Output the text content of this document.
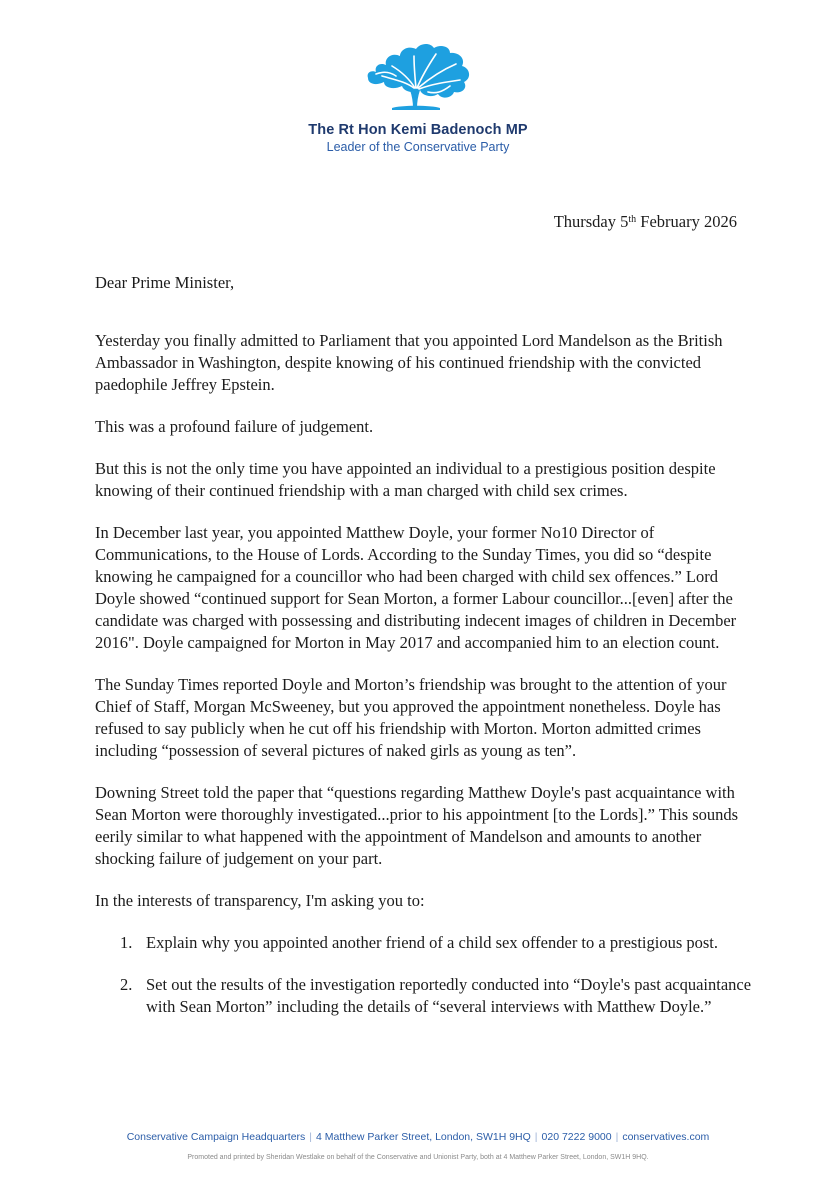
The Rt Hon Kemi Badenoch MP
Leader of the Conservative Party
Thursday 5th February 2026
Dear Prime Minister,

Yesterday you finally admitted to Parliament that you appointed Lord Mandelson as the British Ambassador in Washington, despite knowing of his continued friendship with the convicted paedophile Jeffrey Epstein.

This was a profound failure of judgement.

But this is not the only time you have appointed an individual to a prestigious position despite knowing of their continued friendship with a man charged with child sex crimes.

In December last year, you appointed Matthew Doyle, your former No10 Director of Communications, to the House of Lords. According to the Sunday Times, you did so “despite knowing he campaigned for a councillor who had been charged with child sex offences.” Lord Doyle showed “continued support for Sean Morton, a former Labour councillor...[even] after the candidate was charged with possessing and distributing indecent images of children in December 2016". Doyle campaigned for Morton in May 2017 and accompanied him to an election count.

The Sunday Times reported Doyle and Morton’s friendship was brought to the attention of your Chief of Staff, Morgan McSweeney, but you approved the appointment nonetheless. Doyle has refused to say publicly when he cut off his friendship with Morton. Morton admitted crimes including “possession of several pictures of naked girls as young as ten”.

Downing Street told the paper that “questions regarding Matthew Doyle's past acquaintance with Sean Morton were thoroughly investigated...prior to his appointment [to the Lords].” This sounds eerily similar to what happened with the appointment of Mandelson and amounts to another shocking failure of judgement on your part.

In the interests of transparency, I'm asking you to:

1. Explain why you appointed another friend of a child sex offender to a prestigious post.
2. Set out the results of the investigation reportedly conducted into “Doyle's past acquaintance with Sean Morton” including the details of “several interviews with Matthew Doyle.”
Conservative Campaign Headquarters | 4 Matthew Parker Street, London, SW1H 9HQ | 020 7222 9000 | conservatives.com
Promoted and printed by Sheridan Westlake on behalf of the Conservative and Unionist Party, both at 4 Matthew Parker Street, London, SW1H 9HQ.
